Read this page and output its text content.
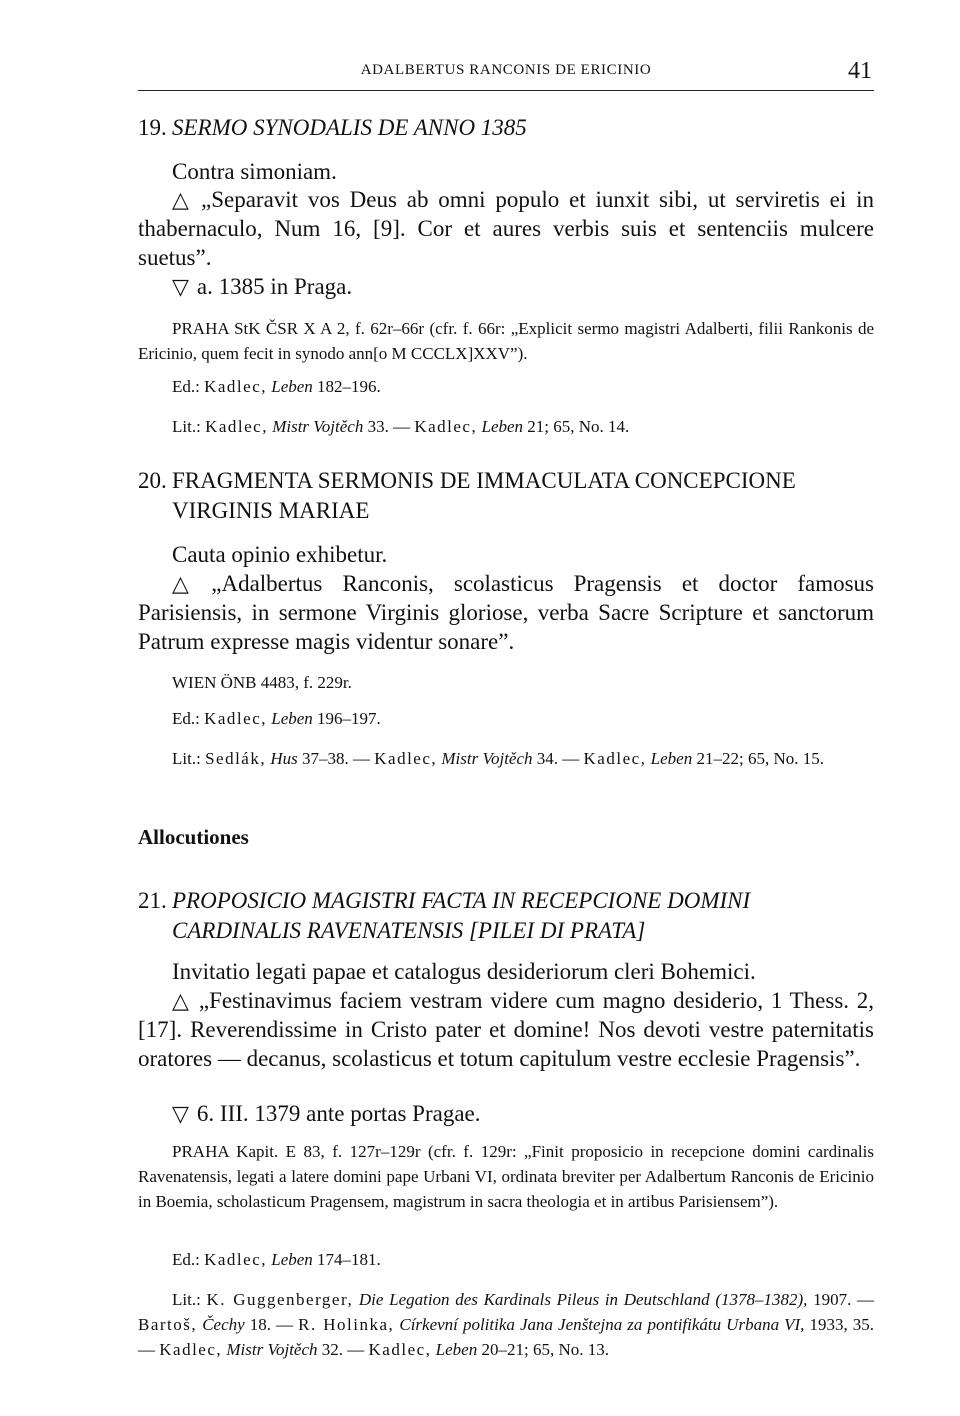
ADALBERTUS RANCONIS DE ERICINIO	41
19. SERMO SYNODALIS DE ANNO 1385
Contra simoniam.
△ „Separavit vos Deus ab omni populo et iunxit sibi, ut serviretis ei in thabernaculo, Num 16, [9]. Cor et aures verbis suis et sentenciis mulcere suetus”.
▽ a. 1385 in Praga.
PRAHA StK ČSR X A 2, f. 62r–66r (cfr. f. 66r: „Explicit sermo magistri Adalberti, filii Rankonis de Ericinio, quem fecit in synodo ann[o M CCCLX]XXV”).
Ed.: Kadlec, Leben 182–196.
Lit.: Kadlec, Mistr Vojtěch 33. — Kadlec, Leben 21; 65, No. 14.
20. FRAGMENTA SERMONIS DE IMMACULATA CONCEPCIONE VIRGINIS MARIAE
Cauta opinio exhibetur.
△ „Adalbertus Ranconis, scolasticus Pragensis et doctor famosus Parisiensis, in sermone Virginis gloriose, verba Sacre Scripture et sanctorum Patrum expresse magis videntur sonare”.
WIEN ÖNB 4483, f. 229r.
Ed.: Kadlec, Leben 196–197.
Lit.: Sedlák, Hus 37–38. — Kadlec, Mistr Vojtěch 34. — Kadlec, Leben 21–22; 65, No. 15.
Allocutiones
21. PROPOSICIO MAGISTRI FACTA IN RECEPCIONE DOMINI CARDINALIS RAVENATENSIS [PILEI DI PRATA]
Invitatio legati papae et catalogus desideriorum cleri Bohemici.
△ „Festinavimus faciem vestram videre cum magno desiderio, 1 Thess. 2, [17]. Reverendissime in Cristo pater et domine! Nos devoti vestre paternitatis oratores — decanus, scolasticus et totum capitulum vestre ecclesie Pragensis”.
▽ 6. III. 1379 ante portas Pragae.
PRAHA Kapit. E 83, f. 127r–129r (cfr. f. 129r: „Finit proposicio in recepcione domini cardinalis Ravenatensis, legati a latere domini pape Urbani VI, ordinata breviter per Adalbertum Ranconis de Ericinio in Boemia, scholasticum Pragensem, magistrum in sacra theologia et in artibus Parisiensem”).
Ed.: Kadlec, Leben 174–181.
Lit.: K. Guggenberger, Die Legation des Kardinals Pileus in Deutschland (1378–1382), 1907. — Bartoš, Čechy 18. — R. Holinka, Církevní politika Jana Jenštejna za pontifikátu Urbana VI, 1933, 35. — Kadlec, Mistr Vojtěch 32. — Kadlec, Leben 20–21; 65, No. 13.
